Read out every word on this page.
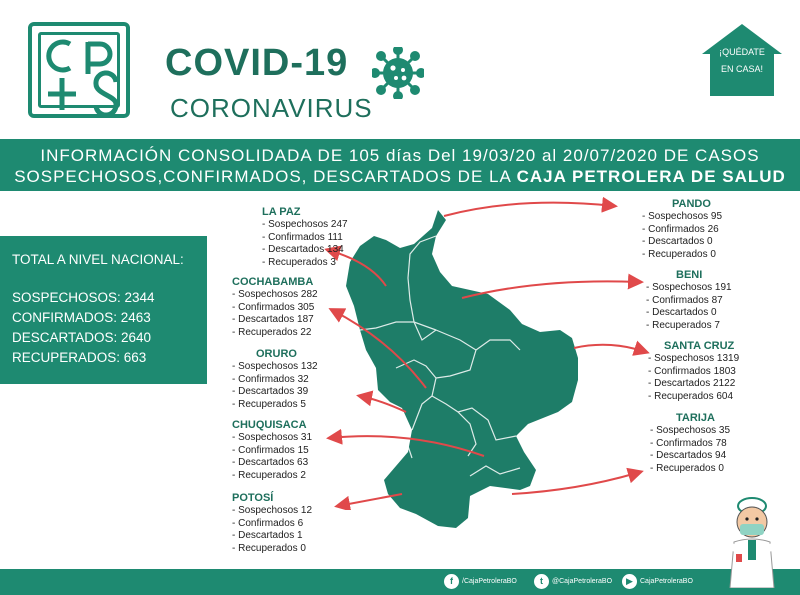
COVID-19
CORONAVIRUS
¡QUÉDATE
EN CASA!
INFORMACIÓN CONSOLIDADA DE 105 días Del 19/03/20 al 20/07/2020 DE CASOS
SOSPECHOSOS,CONFIRMADOS, DESCARTADOS DE LA CAJA PETROLERA DE SALUD
TOTAL A NIVEL NACIONAL:
SOSPECHOSOS: 2344
CONFIRMADOS: 2463
DESCARTADOS: 2640
RECUPERADOS: 663
LA PAZ
- Sospechosos 247
- Confirmados 111
- Descartados 134
- Recuperados 3
COCHABAMBA
- Sospechosos 282
- Confirmados 305
- Descartados 187
- Recuperados 22
ORURO
- Sospechosos 132
- Confirmados 32
- Descartados 39
- Recuperados 5
CHUQUISACA
- Sospechosos 31
- Confirmados 15
- Descartados 63
- Recuperados 2
POTOSÍ
- Sospechosos 12
- Confirmados 6
- Descartados 1
- Recuperados 0
PANDO
- Sospechosos 95
- Confirmados 26
- Descartados 0
- Recuperados 0
BENI
- Sospechosos 191
- Confirmados 87
- Descartados 0
- Recuperados 7
SANTA CRUZ
- Sospechosos 1319
- Confirmados 1803
- Descartados 2122
- Recuperados 604
TARIJA
- Sospechosos 35
- Confirmados 78
- Descartados 94
- Recuperados 0
f /CajaPetroleraBO	t @CajaPetroleraBO	▶ CajaPetroleraBO
